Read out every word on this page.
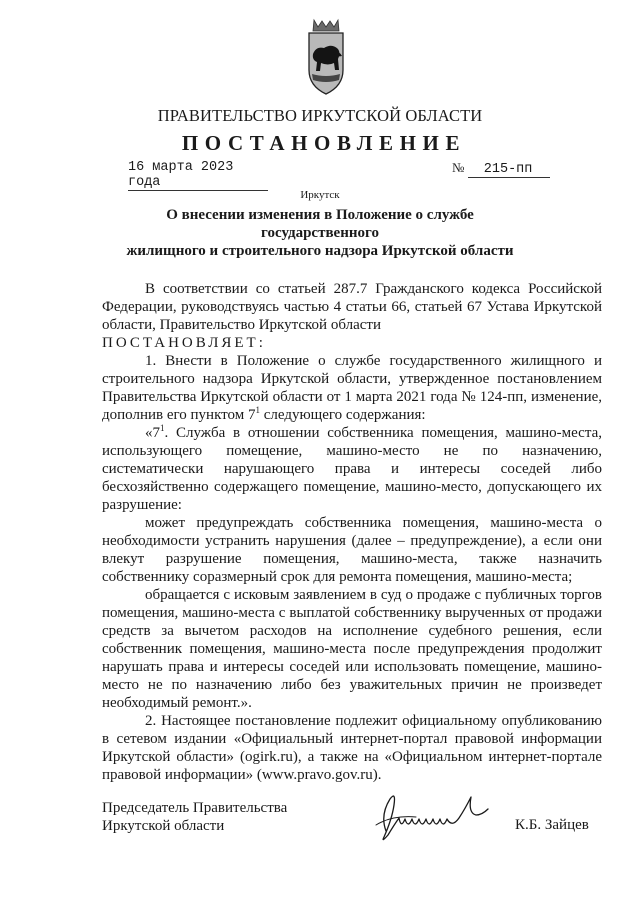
ПРАВИТЕЛЬСТВО ИРКУТСКОЙ ОБЛАСТИ
ПОСТАНОВЛЕНИЕ
16 марта 2023 года
№ 215-пп
Иркутск
О внесении изменения в Положение о службе государственного
жилищного и строительного надзора Иркутской области

В соответствии со статьей 287.7 Гражданского кодекса Российской Федерации, руководствуясь частью 4 статьи 66, статьей 67 Устава Иркутской области, Правительство Иркутской области

ПОСТАНОВЛЯЕТ:

1. Внести в Положение о службе государственного жилищного и строительного надзора Иркутской области, утвержденное постановлением Правительства Иркутской области от 1 марта 2021 года № 124-пп, изменение, дополнив его пунктом $7^1$ следующего содержания:

«$7^1$. Служба в отношении собственника помещения, машино-места, использующего помещение, машино-место не по назначению, систематически нарушающего права и интересы соседей либо бесхозяйственно содержащего помещение, машино-место, допускающего их разрушение:

может предупреждать собственника помещения, машино-места о необходимости устранить нарушения (далее – предупреждение), а если они влекут разрушение помещения, машино-места, также назначить собственнику соразмерный срок для ремонта помещения, машино-места;

обращается с исковым заявлением в суд о продаже с публичных торгов помещения, машино-места с выплатой собственнику вырученных от продажи средств за вычетом расходов на исполнение судебного решения, если собственник помещения, машино-места после предупреждения продолжит нарушать права и интересы соседей или использовать помещение, машино-место не по назначению либо без уважительных причин не произведет необходимый ремонт.».

2. Настоящее постановление подлежит официальному опубликованию в сетевом издании «Официальный интернет-портал правовой информации Иркутской области» (ogirk.ru), а также на «Официальном интернет-портале правовой информации» (www.pravo.gov.ru).

Председатель Правительства
Иркутской области	К.Б. Зайцев
